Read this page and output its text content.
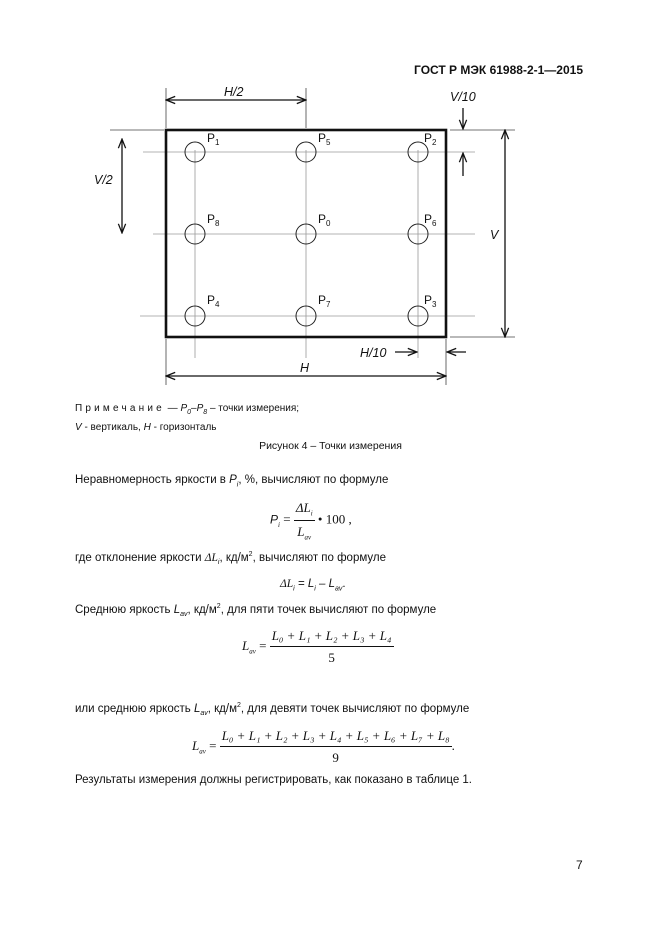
ГОСТ Р МЭК 61988-2-1—2015
$P_1$	$P_5$	$P_2$
$P_8$	$P_0$	$P_6$
$P_4$	$P_7$	$P_3$
H/2	V/10
V/2
V
H/10
H
Примечание — $P_0-P_8$ – точки измерения;
V - вертикаль, H - горизонталь
Рисунок 4 – Точки измерения
Неравномерность яркости в $P_i$, %, вычисляют по формуле
$P_i = \frac{\Delta L_i}{L_{av}}$ • 100 ,
где отклонение яркости $\Delta L_i$, $кд/м^2$, вычисляют по формуле
$\Delta L_i = L_i - L_{av}$.
Среднюю яркость $L_{av}$, $кд/м^2$, для пяти точек вычисляют по формуле
$L_{av} = \frac{\text{L₀ + L₁ + L₂ + L₃ + L₄}}{5}$
или среднюю яркость $L_{av}$, $кд/м^2$, для девяти точек вычисляют по формуле
$L_{av} = \frac{\text{L₀ + L₁ + L₂ + L₃ + L₄ + L₅ + L₆ + L₇ + L₈}}{9}$ .
Результаты измерения должны регистрировать, как показано в таблице 1.
7
